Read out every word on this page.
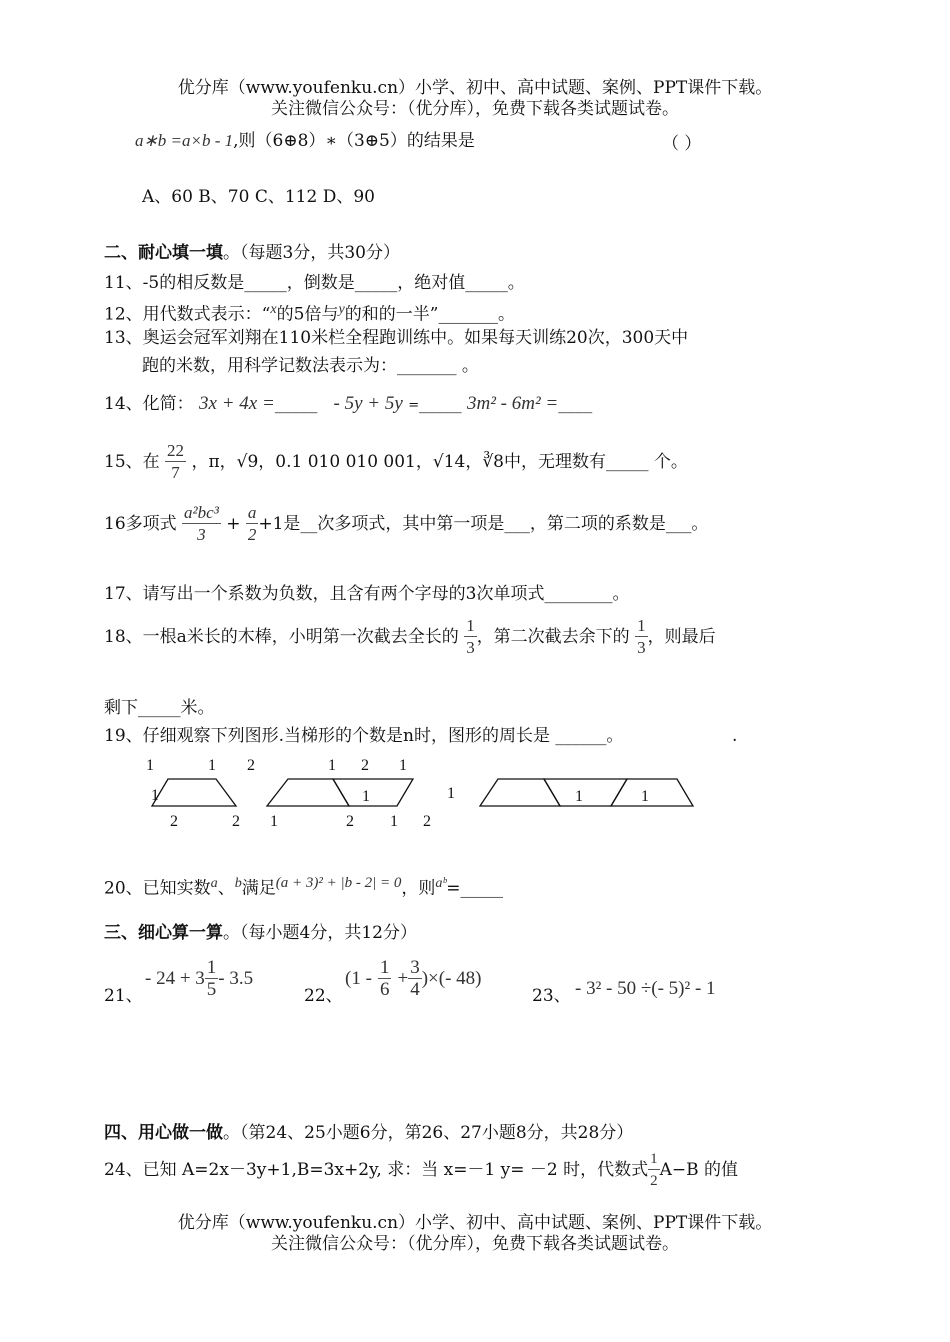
优分库（www.youfenku.cn）小学、初中、高中试题、案例、PPT课件下载。
关注微信公众号：（优分库），免费下载各类试题试卷。
a∗b =a×b - 1,则（6⊕8）∗（3⊕5）的结果是	（ ）
A、60 B、70 C、112 D、90
二、耐心填一填。（每题3分，共30分）
11、-5的相反数是_____，倒数是_____，绝对值_____。
12、用代数式表示：“$^x$的5倍与$^y$的和的一半”_______。
13、奥运会冠军刘翔在110米栏全程跑训练中。如果每天训练20次，300天中
跑的米数，用科学记数法表示为：_______ 。
14、化简： 3x + 4x =_____ - 5y + 5y =_____ 3m² - 6m² =____
15、在 $\frac{22}{7}$ ，π，√9，0.1 010 010 001，√14，∛8中，无理数有_____ 个。
16多项式 $\frac{\text{a²bc³}}{3} + \frac{a}{2} +1$是__次多项式，其中第一项是___，第二项的系数是___。
17、请写出一个系数为负数，且含有两个字母的3次单项式________。
18、一根a米长的木棒，小明第一次截去全长的 $\frac{1}{3}$ ，第二次截去余下的 $\frac{1}{3}$ ，则最后
剩下_____米。
19、仔细观察下列图形.当梯形的个数是n时，图形的周长是 ______。	.
1	1
1
2	2
2	1 2 1
1
1	2 1 2
1	1	1
20、已知实数$^a$、$^b$满足$^{(a + 3)^2 + |b - 2| = 0}$，则$^{aᵇ}$=_____
三、细心算一算。（每小题4分，共12分）
21、
- $24 + 3 \frac{1}{5} - 3.5$
22、
($1 - \frac{1}{6} + \frac{3}{4}$ )×(- 48)
23、 - 3² - 50 ÷(- 5)² - 1
四、用心做一做。（第24、25小题6分，第26、27小题8分，共28分）
24、已知 A=2x－3y+1,B=3x+2y, 求：当 x=－1 y= －2 时，代数式 $\frac{1}{2} A-B$ 的值
优分库（www.youfenku.cn）小学、初中、高中试题、案例、PPT课件下载。
关注微信公众号：（优分库），免费下载各类试题试卷。
